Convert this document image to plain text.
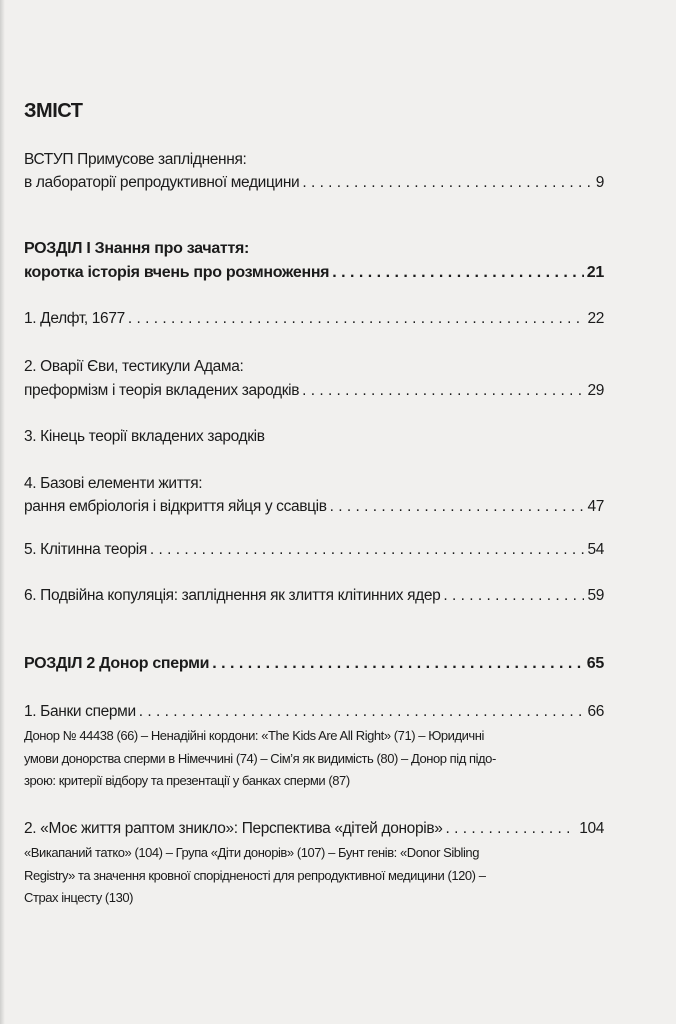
ЗМІСТ
ВСТУП Примусове запліднення:
в лабораторії репродуктивної медицини . . .	9
РОЗДІЛ І Знання про зачаття:
коротка історія вчень про розмноження . . .	21
1. Делфт, 1677 . . .	22
2. Оварії Єви, тестикули Адама:
преформізм і теорія вкладених зародків . . .	29
3. Кінець теорії вкладених зародків
4. Базові елементи життя:
рання ембріологія і відкриття яйця у ссавців . . .	47
5. Клітинна теорія . . .	54
6. Подвійна копуляція: запліднення як злиття клітинних ядер . . .	59
РОЗДІЛ 2 Донор сперми . . .	65
1. Банки сперми . . .	66
Донор № 44438 (66) – Ненадійні кордони: «The Kids Are All Right» (71) – Юридичні
умови донорства сперми в Німеччині (74) – Сім’я як видимість (80) – Донор під підо-
зрою: критерії відбору та презентації у банках сперми (87)
2. «Моє життя раптом зникло»: Перспектива «дітей донорів» . . .	104
«Викапаний татко» (104) – Група «Діти донорів» (107) – Бунт генів: «Donor Sibling
Registry» та значення кровної спорідненості для репродуктивної медицини (120) –
Страх інцесту (130)
